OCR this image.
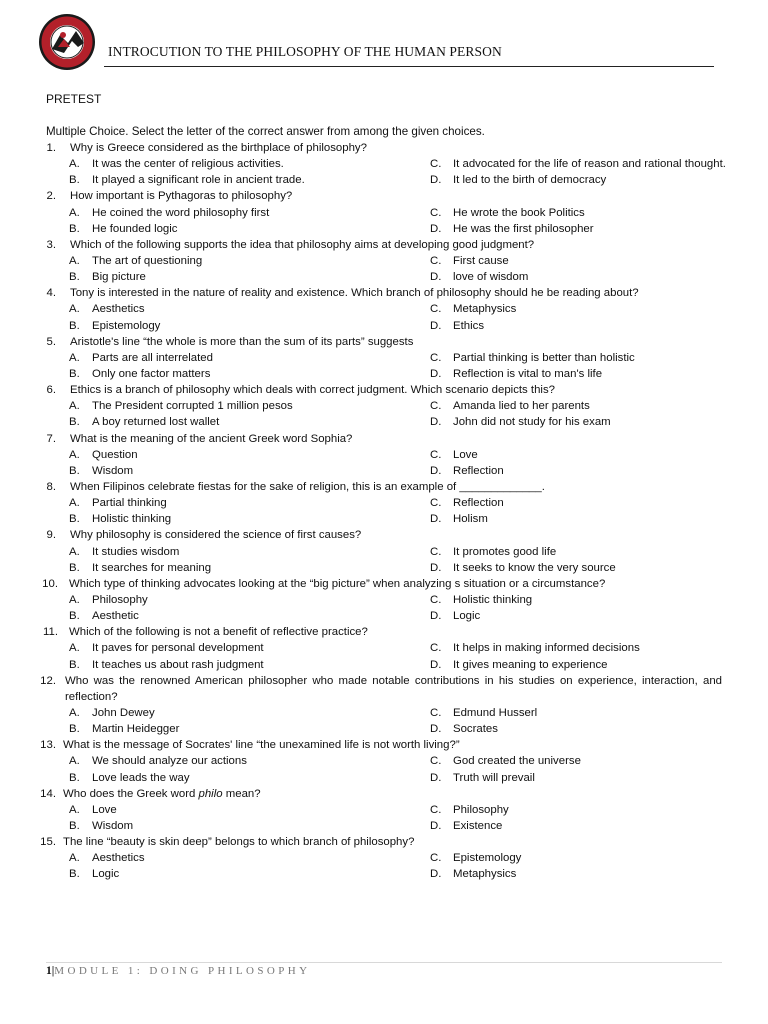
INTROCUTION TO THE PHILOSOPHY OF THE HUMAN PERSON
PRETEST
Multiple Choice. Select the letter of the correct answer from among the given choices.
1. Why is Greece considered as the birthplace of philosophy?
A. It was the center of religious activities.	C. It advocated for the life of reason and rational thought.
B. It played a significant role in ancient trade.	D. It led to the birth of democracy
2. How important is Pythagoras to philosophy?
A. He coined the word philosophy first	C. He wrote the book Politics
B. He founded logic	D. He was the first philosopher
3. Which of the following supports the idea that philosophy aims at developing good judgment?
A. The art of questioning	C. First cause
B. Big picture	D. love of wisdom
4. Tony is interested in the nature of reality and existence. Which branch of philosophy should he be reading about?
A. Aesthetics	C. Metaphysics
B. Epistemology	D. Ethics
5. Aristotle's line “the whole is more than the sum of its parts” suggests
A. Parts are all interrelated	C. Partial thinking is better than holistic
B. Only one factor matters	D. Reflection is vital to man's life
6. Ethics is a branch of philosophy which deals with correct judgment. Which scenario depicts this?
A. The President corrupted 1 million pesos	C. Amanda lied to her parents
B. A boy returned lost wallet	D. John did not study for his exam
7. What is the meaning of the ancient Greek word Sophia?
A. Question	C. Love
B. Wisdom	D. Reflection
8. When Filipinos celebrate fiestas for the sake of religion, this is an example of _____________.
A. Partial thinking	C. Reflection
B. Holistic thinking	D. Holism
9. Why philosophy is considered the science of first causes?
A. It studies wisdom	C. It promotes good life
B. It searches for meaning	D. It seeks to know the very source
10. Which type of thinking advocates looking at the “big picture” when analyzing s situation or a circumstance?
A. Philosophy	C. Holistic thinking
B. Aesthetic	D. Logic
11. Which of the following is not a benefit of reflective practice?
A. It paves for personal development	C. It helps in making informed decisions
B. It teaches us about rash judgment	D. It gives meaning to experience
12. Who was the renowned American philosopher who made notable contributions in his studies on experience, interaction, and reflection?
A. John Dewey	C. Edmund Husserl
B. Martin Heidegger	D. Socrates
13. What is the message of Socrates' line “the unexamined life is not worth living?”
A. We should analyze our actions	C. God created the universe
B. Love leads the way	D. Truth will prevail
14. Who does the Greek word philo mean?
A. Love	C. Philosophy
B. Wisdom	D. Existence
15. The line “beauty is skin deep” belongs to which branch of philosophy?
A. Aesthetics	C. Epistemology
B. Logic	D. Metaphysics
1|MODULE 1: DOING PHILOSOPHY
